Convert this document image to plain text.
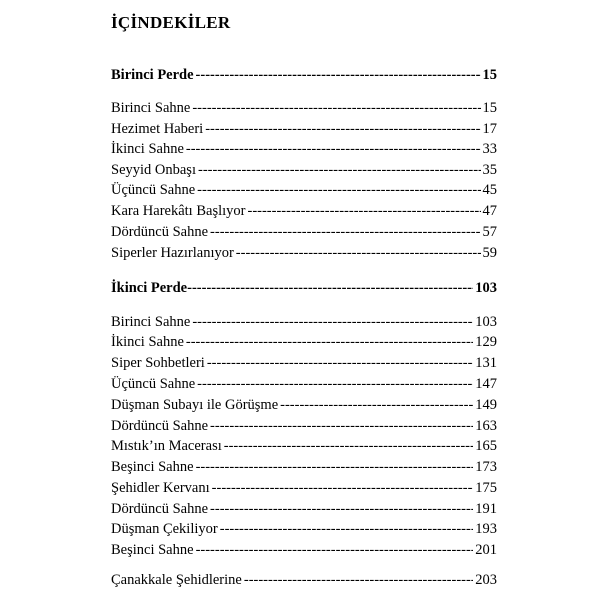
İÇİNDEKİLER
Birinci Perde -----	15
Birinci Sahne -----	15
Hezimet Haberi -----	17
İkinci Sahne -----	33
Seyyid Onbaşı -----	35
Üçüncü Sahne -----	45
Kara Harekâtı Başlıyor -----	47
Dördüncü Sahne -----	57
Siperler Hazırlanıyor -----	59
İkinci Perde -----	103
Birinci Sahne -----	103
İkinci Sahne -----	129
Siper Sohbetleri -----	131
Üçüncü Sahne -----	147
Düşman Subayı ile Görüşme -----	149
Dördüncü Sahne -----	163
Mıstık’ın Macerası -----	165
Beşinci Sahne -----	173
Şehidler Kervanı -----	175
Dördüncü Sahne -----	191
Düşman Çekiliyor -----	193
Beşinci Sahne -----	201
Çanakkale Şehidlerine -----	203
